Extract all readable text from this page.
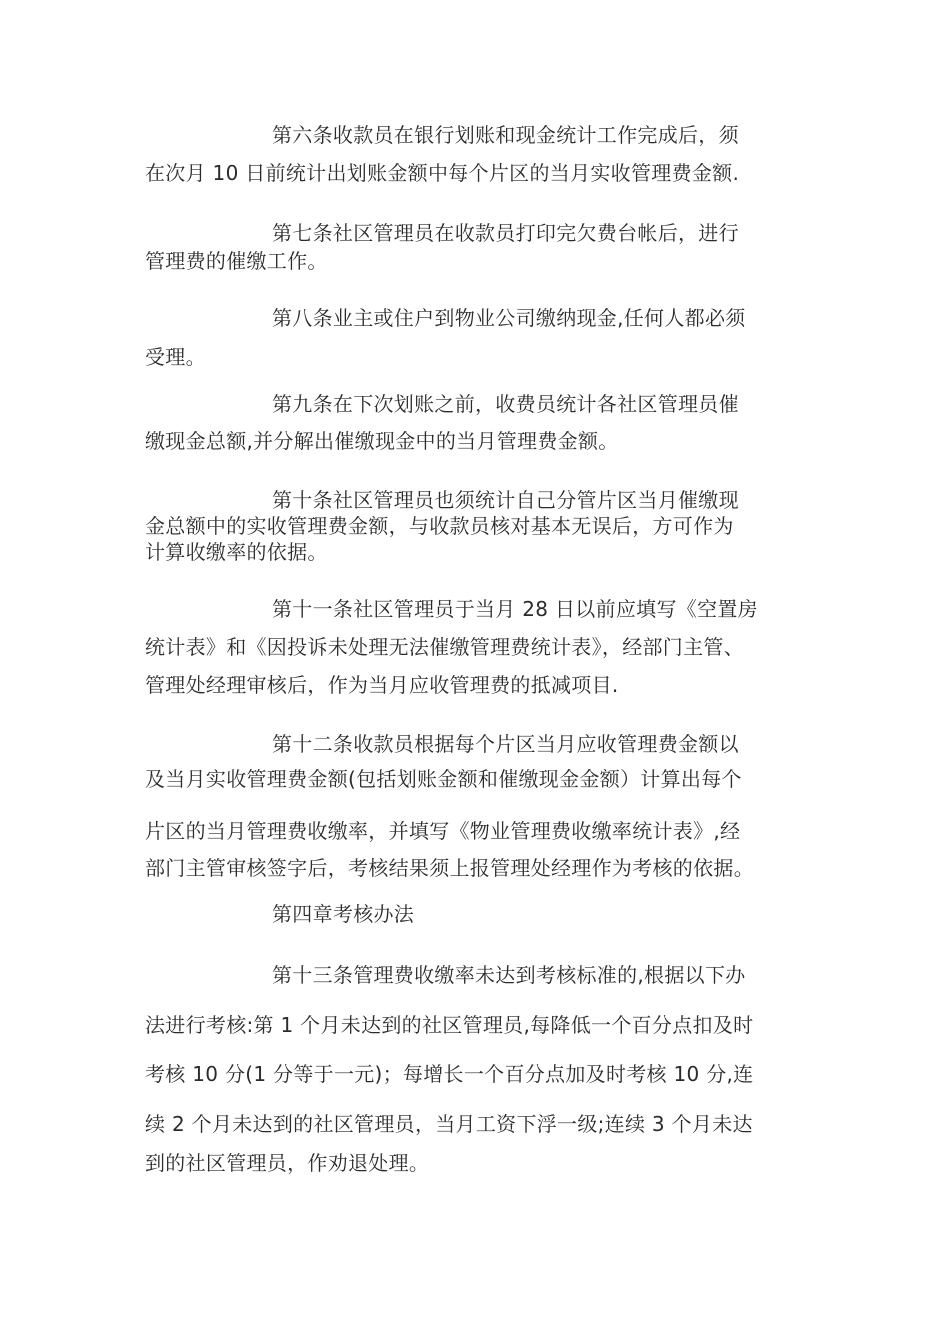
第六条收款员在银行划账和现金统计工作完成后，须
在次月 10 日前统计出划账金额中每个片区的当月实收管理费金额.
第七条社区管理员在收款员打印完欠费台帐后，进行
管理费的催缴工作。
第八条业主或住户到物业公司缴纳现金,任何人都必须
受理。
第九条在下次划账之前，收费员统计各社区管理员催
缴现金总额,并分解出催缴现金中的当月管理费金额。
第十条社区管理员也须统计自己分管片区当月催缴现
金总额中的实收管理费金额，与收款员核对基本无误后，方可作为
计算收缴率的依据。
第十一条社区管理员于当月 28 日以前应填写《空置房
统计表》和《因投诉未处理无法催缴管理费统计表》，经部门主管、
管理处经理审核后，作为当月应收管理费的抵减项目.
第十二条收款员根据每个片区当月应收管理费金额以
及当月实收管理费金额(包括划账金额和催缴现金金额）计算出每个
片区的当月管理费收缴率，并填写《物业管理费收缴率统计表》,经
部门主管审核签字后，考核结果须上报管理处经理作为考核的依据。
第四章考核办法
第十三条管理费收缴率未达到考核标准的,根据以下办
法进行考核:第 1 个月未达到的社区管理员,每降低一个百分点扣及时
考核 10 分(1 分等于一元)；每增长一个百分点加及时考核 10 分,连
续 2 个月未达到的社区管理员，当月工资下浮一级;连续 3 个月未达
到的社区管理员，作劝退处理。
